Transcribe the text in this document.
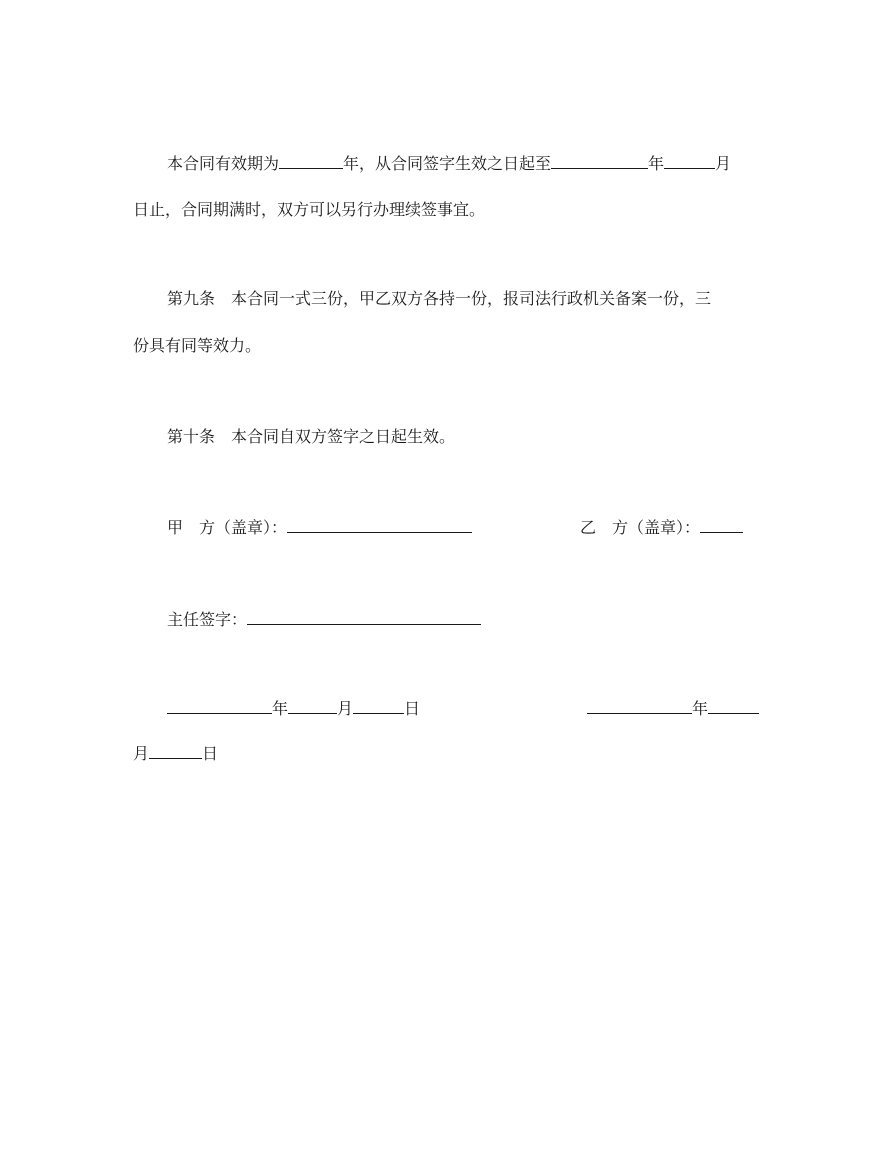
本合同有效期为	年，从合同签字生效之日起至	年	月
日止，合同期满时，双方可以另行办理续签事宜。
第九条　本合同一式三份，甲乙双方各持一份，报司法行政机关备案一份，三
份具有同等效力。
第十条　本合同自双方签字之日起生效。
甲　方（盖章）：	乙　方（盖章）：
主任签字：
年	月	日	年
月	日
